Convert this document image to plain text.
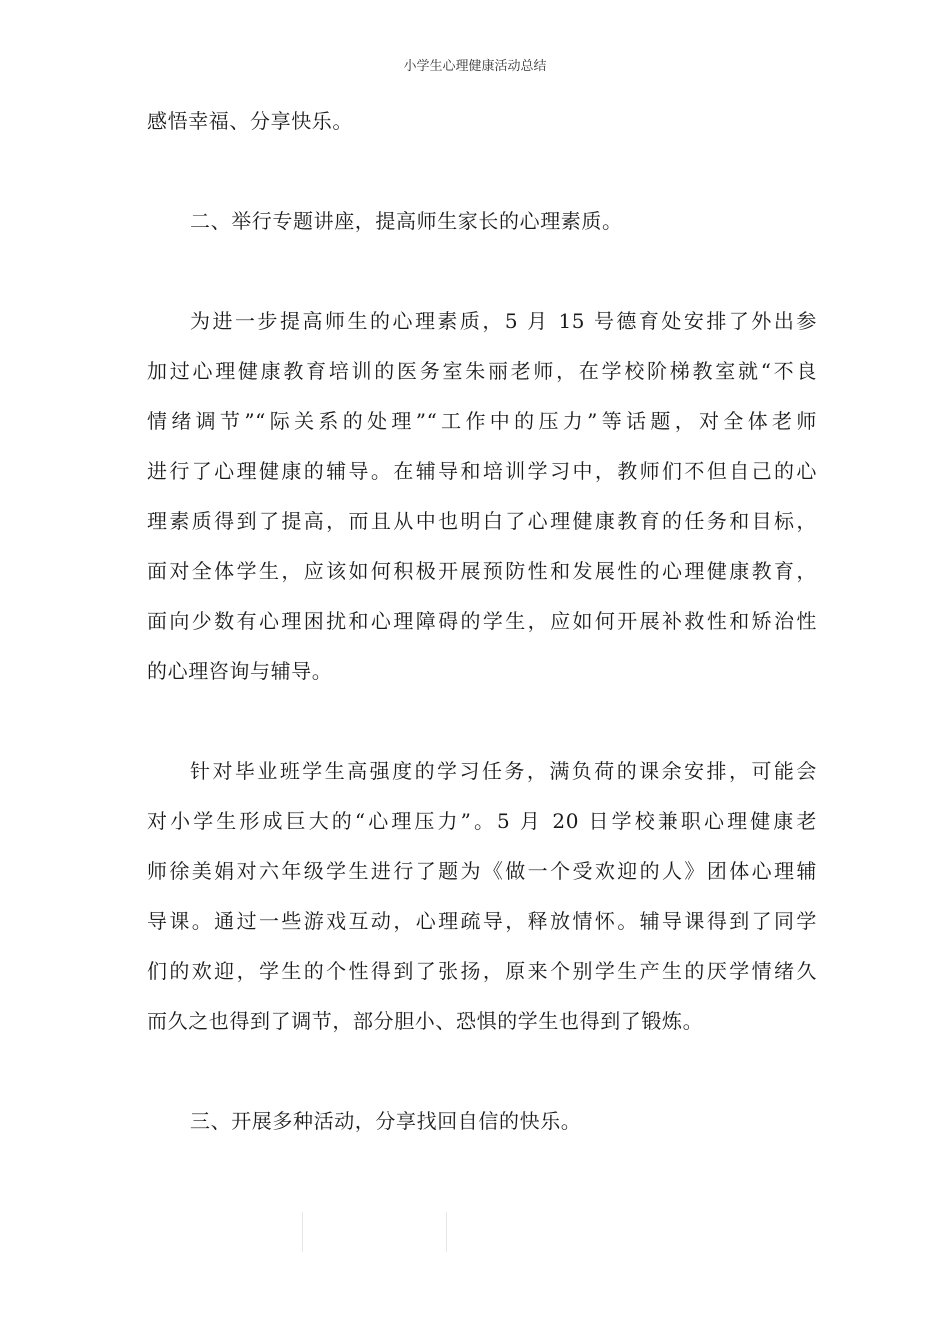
小学生心理健康活动总结
感悟幸福、分享快乐。
二、举行专题讲座，提高师生家长的心理素质。
为进一步提高师生的心理素质，5 月 15 号德育处安排了外出参
加过心理健康教育培训的医务室朱丽老师，在学校阶梯教室就“不良
情绪调节”“际关系的处理”“工作中的压力”等话题，对全体老师
进行了心理健康的辅导。在辅导和培训学习中，教师们不但自己的心
理素质得到了提高，而且从中也明白了心理健康教育的任务和目标，
面对全体学生，应该如何积极开展预防性和发展性的心理健康教育，
面向少数有心理困扰和心理障碍的学生，应如何开展补救性和矫治性
的心理咨询与辅导。
针对毕业班学生高强度的学习任务，满负荷的课余安排，可能会
对小学生形成巨大的“心理压力”。5 月 20 日学校兼职心理健康老
师徐美娟对六年级学生进行了题为《做一个受欢迎的人》团体心理辅
导课。通过一些游戏互动，心理疏导，释放情怀。辅导课得到了同学
们的欢迎，学生的个性得到了张扬，原来个别学生产生的厌学情绪久
而久之也得到了调节，部分胆小、恐惧的学生也得到了锻炼。
三、开展多种活动，分享找回自信的快乐。
